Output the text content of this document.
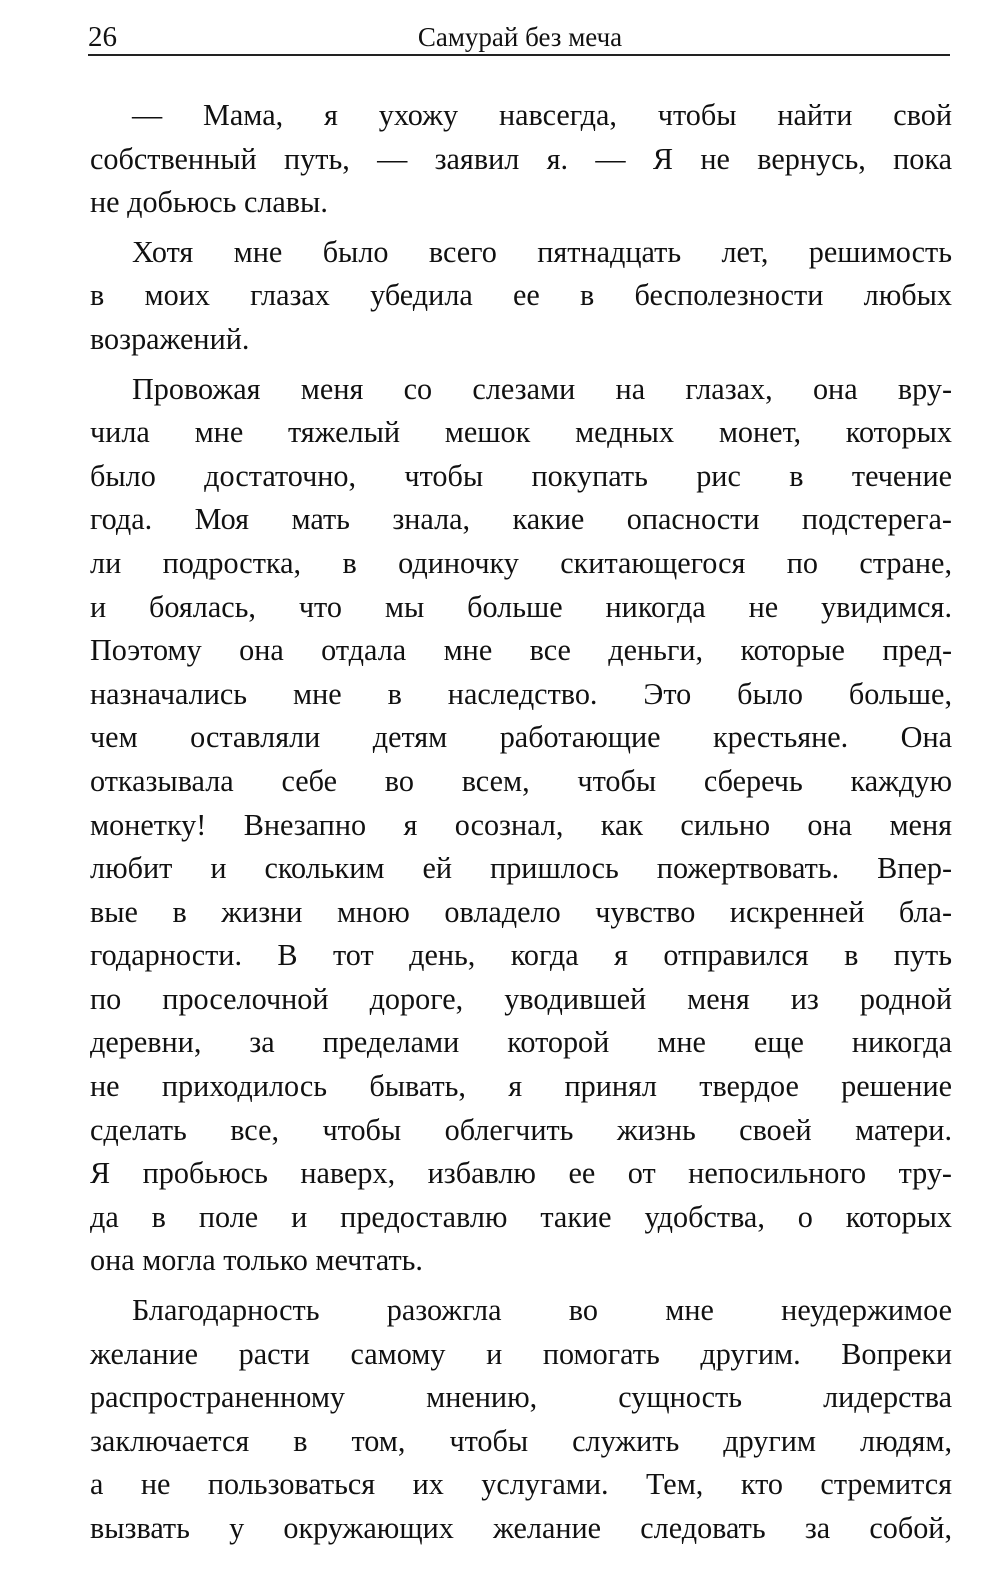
26	Самурай без меча
— Мама, я ухожу навсегда, чтобы найти свой
собственный путь, — заявил я. — Я не вернусь, пока
не добьюсь славы.
Хотя мне было всего пятнадцать лет, решимость
в моих глазах убедила ее в бесполезности любых
возражений.
Провожая меня со слезами на глазах, она вру-
чила мне тяжелый мешок медных монет, которых
было достаточно, чтобы покупать рис в течение
года. Моя мать знала, какие опасности подстерега-
ли подростка, в одиночку скитающегося по стране,
и боялась, что мы больше никогда не увидимся.
Поэтому она отдала мне все деньги, которые пред-
назначались мне в наследство. Это было больше,
чем оставляли детям работающие крестьяне. Она
отказывала себе во всем, чтобы сберечь каждую
монетку! Внезапно я осознал, как сильно она меня
любит и скольким ей пришлось пожертвовать. Впер-
вые в жизни мною овладело чувство искренней бла-
годарности. В тот день, когда я отправился в путь
по проселочной дороге, уводившей меня из родной
деревни, за пределами которой мне еще никогда
не приходилось бывать, я принял твердое решение
сделать все, чтобы облегчить жизнь своей матери.
Я пробьюсь наверх, избавлю ее от непосильного тру-
да в поле и предоставлю такие удобства, о которых
она могла только мечтать.
Благодарность разожгла во мне неудержимое
желание расти самому и помогать другим. Вопреки
распространенному мнению, сущность лидерства
заключается в том, чтобы служить другим людям,
а не пользоваться их услугами. Тем, кто стремится
вызвать у окружающих желание следовать за собой,
